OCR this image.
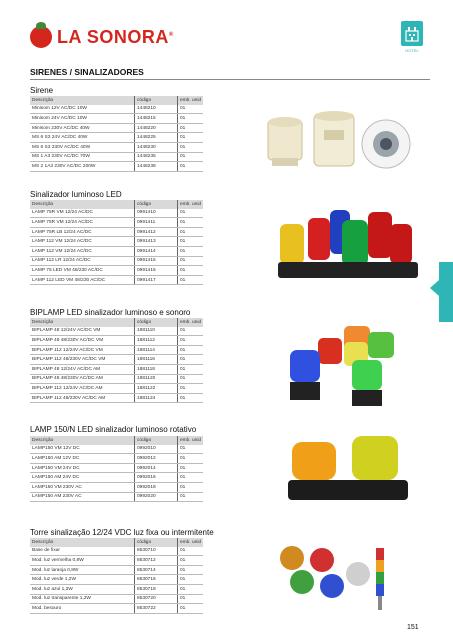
LA SONORA®
HOTEL
SIRENES / SINALIZADORES
Sirene
Descrição	código	emb. unid
Minisom 12V AC/DC 10W	1448210	01
Minisom 24V AC/DC 10W	1448215	01
Minisom 230V AC/DC 40W	1448220	01
MS 6 S3 24V AC/DC 40W	1448225	01
MS 6 S3 230V AC/DC 40W	1448230	01
MS 1 A3 230V AC/DC 70W	1448235	01
MS 2 1A3 230V AC/DC 200W	1448238	01
Sinalizador luminoso LED
Descrição	código	emb. unid
LAMP 75R VM 12/24 AC/DC	0991410	01
LAMP 75R VM 12/24 AC/DC	0991411	01
LAMP 75R LB 12/24 AC/DC	0991412	01
LAMP 112 VM 12/24 AC/DC	0991413	01
LAMP 112 VM 12/24 AC/DC	0991414	01
LAMP 112 LR 12/24 AC/DC	0991415	01
LAMP 75 LED VM 48/230 AC/DC	0991416	01
LAMP 112 LED VM 48/230 AC/DC	0991417	01
BIPLAMP LED sinalizador luminoso e sonoro
Descrição	código	emb. unid
BIPLAMP 48 12/24V AC/DC VM	1881110	01
BIPLAMP 48 48/230V AC/DC VM	1881112	01
BIPLAMP 112 12/24V AC/DC VM	1881114	01
BIPLAMP 112 48/230V AC/DC VM	1881116	01
BIPLAMP 48 12/24V AC/DC AM	1881118	01
BIPLAMP 48 48/230V AC/DC AM	1881120	01
BIPLAMP 112 12/24V AC/DC AM	1881122	01
BIPLAMP 112 48/230V AC/DC AM	1881124	01
LAMP 150/N LED sinalizador luminoso rotativo
Descrição	código	emb. unid
LAMP150 VM 12V DC	0992010	01
LAMP150 AM 12V DC	0992012	01
LAMP150 VM 24V DC	0992014	01
LAMP150 AM 24V DC	0992016	01
LAMP150 VM 230V AC	0992018	01
LAMP150 AM 230V AC	0992020	01
Torre sinalização 12/24 VDC luz fixa ou intermitente
Descrição	código	emb. unid
Base de fixar	8530710	01
Mod. luz vermelha 0,8W	8530712	01
Mod. luz laranja 0,8W	8530714	01
Mod. luz verde 1,2W	8530716	01
Mod. luz azul 1,2W	8530718	01
Mod. luz transparente 1,2W	8530720	01
Mod. besouro	8530722	01
151
